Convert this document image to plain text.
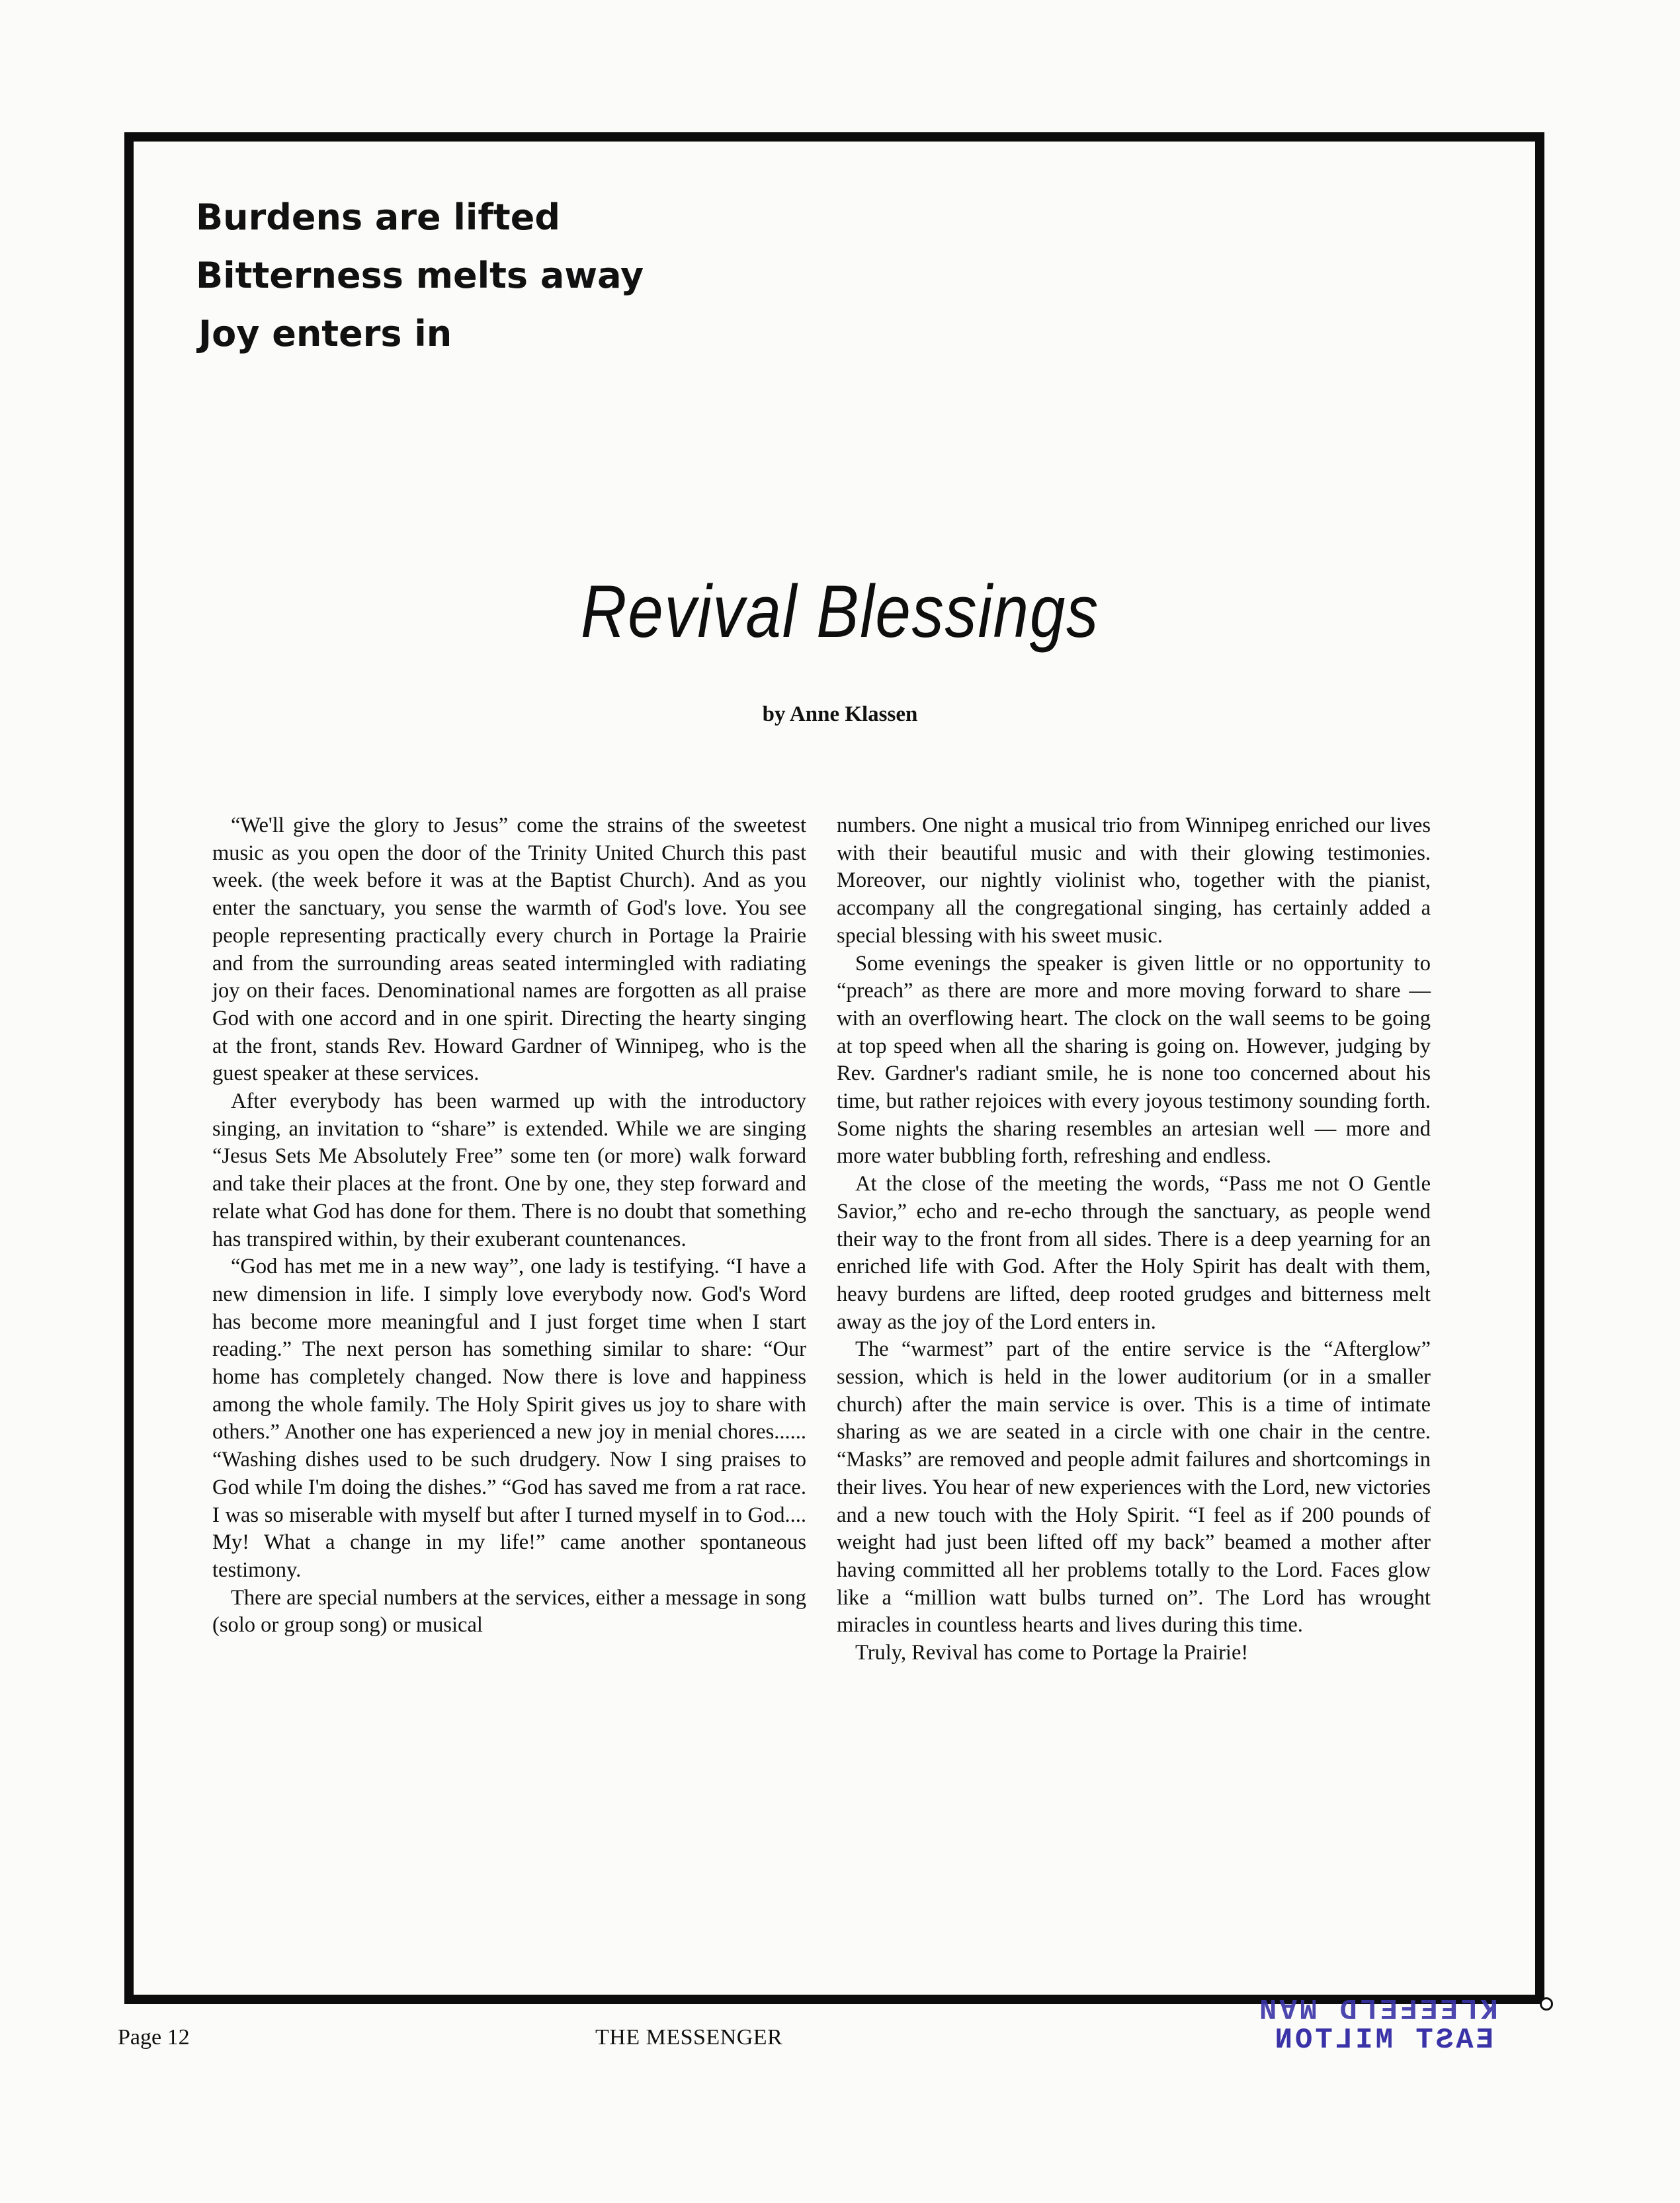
Burdens are lifted
Bitterness melts away
Joy enters in
Revival Blessings
by Anne Klassen

“We'll give the glory to Jesus” come the strains of the sweetest music as you open the door of the Trinity United Church this past week. (the week before it was at the Baptist Church). And as you enter the sanctuary, you sense the warmth of God's love. You see people representing practically every church in Portage la Prairie and from the surrounding areas seated intermingled with radiating joy on their faces. Denominational names are forgotten as all praise God with one accord and in one spirit. Directing the hearty singing at the front, stands Rev. Howard Gardner of Winnipeg, who is the guest speaker at these services.

After everybody has been warmed up with the introductory singing, an invitation to “share” is extended. While we are singing “Jesus Sets Me Absolutely Free” some ten (or more) walk forward and take their places at the front. One by one, they step forward and relate what God has done for them. There is no doubt that something has transpired within, by their exuberant countenances.

“God has met me in a new way”, one lady is testifying. “I have a new dimension in life. I simply love everybody now. God's Word has become more meaningful and I just forget time when I start reading.” The next person has something similar to share: “Our home has completely changed. Now there is love and happiness among the whole family. The Holy Spirit gives us joy to share with others.” Another one has experienced a new joy in menial chores...... “Washing dishes used to be such drudgery. Now I sing praises to God while I'm doing the dishes.” “God has saved me from a rat race. I was so miserable with myself but after I turned myself in to God.... My! What a change in my life!” came another spontaneous testimony.

There are special numbers at the services, either a message in song (solo or group song) or musical

numbers. One night a musical trio from Winnipeg enriched our lives with their beautiful music and with their glowing testimonies. Moreover, our nightly violinist who, together with the pianist, accompany all the congregational singing, has certainly added a special blessing with his sweet music.

Some evenings the speaker is given little or no opportunity to “preach” as there are more and more moving forward to share — with an overflowing heart. The clock on the wall seems to be going at top speed when all the sharing is going on. However, judging by Rev. Gardner's radiant smile, he is none too concerned about his time, but rather rejoices with every joyous testimony sounding forth. Some nights the sharing resembles an artesian well — more and more water bubbling forth, refreshing and endless.

At the close of the meeting the words, “Pass me not O Gentle Savior,” echo and re-echo through the sanctuary, as people wend their way to the front from all sides. There is a deep yearning for an enriched life with God. After the Holy Spirit has dealt with them, heavy burdens are lifted, deep rooted grudges and bitterness melt away as the joy of the Lord enters in.

The “warmest” part of the entire service is the “Afterglow” session, which is held in the lower auditorium (or in a smaller church) after the main service is over. This is a time of intimate sharing as we are seated in a circle with one chair in the centre. “Masks” are removed and people admit failures and shortcomings in their lives. You hear of new experiences with the Lord, new victories and a new touch with the Holy Spirit. “I feel as if 200 pounds of weight had just been lifted off my back” beamed a mother after having committed all her problems totally to the Lord. Faces glow like a “million watt bulbs turned on”. The Lord has wrought miracles in countless hearts and lives during this time.

Truly, Revival has come to Portage la Prairie!

Page 12	THE MESSENGER
KLEEFELD MAN
EAST MILTON
